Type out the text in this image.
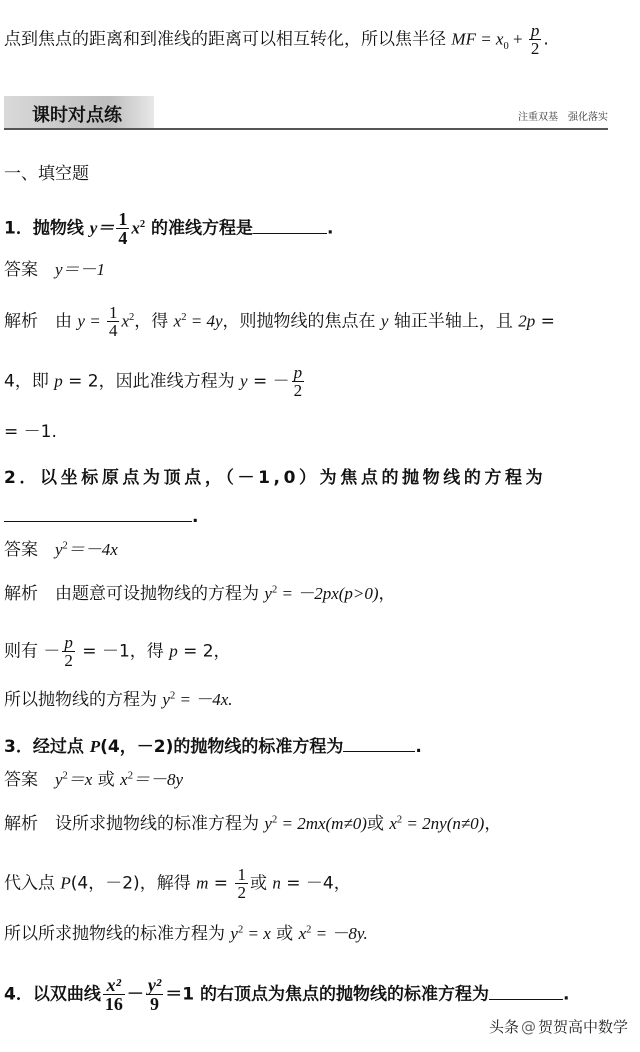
点到焦点的距离和到准线的距离可以相互转化，所以焦半径 MF = $x_0 + \frac{p}{2}$ .
课时对点练	注重双基　强化落实
一、填空题
1．抛物线 $y= \frac{1}{4} x^2$ 的准线方程是	.
答案　 y＝－1
解析　 由 $y = \frac{1}{4} x^2$，得 $x^2 = 4y$，则抛物线的焦点在 y 轴正半轴上，且 2p =
4，即 p = 2，因此准线方程为 y = － $\frac{p}{2}$
= －1.
2．以坐标原点为顶点，（－1,0）为焦点的抛物线的方程为
.
答案　 $y^2=-4x$
解析　 由题意可设抛物线的方程为 $y^2 = -2px(p>0)$，
则有 － $\frac{p}{2} = -1$，得 p = 2，
所以抛物线的方程为 $y^2 = -4x$.
3．经过点 P(4，－2)的抛物线的标准方程为	.
答案　 $y^2=x$ 或 $x^2=-8y$
解析　 设所求抛物线的标准方程为 $y^2 = 2mx(m\ne 0)$或 $x^2 = 2ny(n\ne 0)$，
代入点 P(4，－2)，解得 $m = \frac{1}{2}$ 或 n = －4，
所以所求抛物线的标准方程为 $y^2 = x$ 或 $x^2 = -8y$.
4．以双曲线 $\frac{\text{x²}}{16} - \frac{\text{y²}}{9} =1$ 的右顶点为焦点的抛物线的标准方程为	.
头条 @ 贺贺高中数学
